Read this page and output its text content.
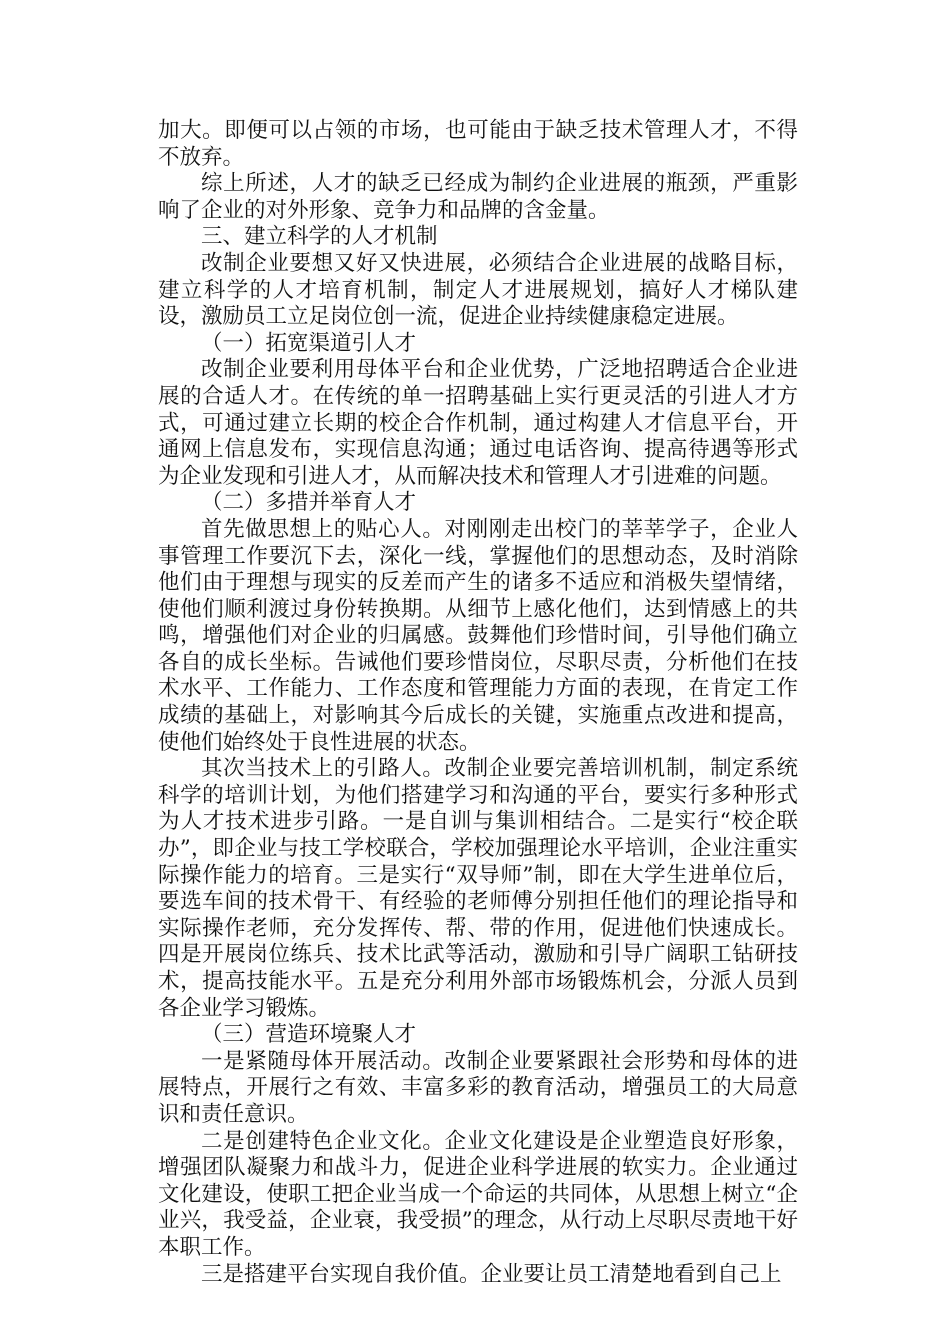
加大。即便可以占领的市场，也可能由于缺乏技术管理人才，不得不放弃。

综上所述，人才的缺乏已经成为制约企业进展的瓶颈，严重影响了企业的对外形象、竞争力和品牌的含金量。

三、建立科学的人才机制

改制企业要想又好又快进展，必须结合企业进展的战略目标，建立科学的人才培育机制，制定人才进展规划，搞好人才梯队建设，激励员工立足岗位创一流，促进企业持续健康稳定进展。

（一）拓宽渠道引人才

改制企业要利用母体平台和企业优势，广泛地招聘适合企业进展的合适人才。在传统的单一招聘基础上实行更灵活的引进人才方式，可通过建立长期的校企合作机制，通过构建人才信息平台，开通网上信息发布，实现信息沟通；通过电话咨询、提高待遇等形式为企业发现和引进人才，从而解决技术和管理人才引进难的问题。

（二）多措并举育人才

首先做思想上的贴心人。对刚刚走出校门的莘莘学子，企业人事管理工作要沉下去，深化一线，掌握他们的思想动态，及时消除他们由于理想与现实的反差而产生的诸多不适应和消极失望情绪，使他们顺利渡过身份转换期。从细节上感化他们，达到情感上的共鸣，增强他们对企业的归属感。鼓舞他们珍惜时间，引导他们确立各自的成长坐标。告诫他们要珍惜岗位，尽职尽责，分析他们在技术水平、工作能力、工作态度和管理能力方面的表现，在肯定工作成绩的基础上，对影响其今后成长的关键，实施重点改进和提高，使他们始终处于良性进展的状态。

其次当技术上的引路人。改制企业要完善培训机制，制定系统科学的培训计划，为他们搭建学习和沟通的平台，要实行多种形式为人才技术进步引路。一是自训与集训相结合。二是实行“校企联办”，即企业与技工学校联合，学校加强理论水平培训，企业注重实际操作能力的培育。三是实行“双导师”制，即在大学生进单位后，要选车间的技术骨干、有经验的老师傅分别担任他们的理论指导和实际操作老师，充分发挥传、帮、带的作用，促进他们快速成长。四是开展岗位练兵、技术比武等活动，激励和引导广阔职工钻研技术，提高技能水平。五是充分利用外部市场锻炼机会，分派人员到各企业学习锻炼。

（三）营造环境聚人才

一是紧随母体开展活动。改制企业要紧跟社会形势和母体的进展特点，开展行之有效、丰富多彩的教育活动，增强员工的大局意识和责任意识。

二是创建特色企业文化。企业文化建设是企业塑造良好形象，增强团队凝聚力和战斗力，促进企业科学进展的软实力。企业通过文化建设，使职工把企业当成一个命运的共同体，从思想上树立“企业兴，我受益，企业衰，我受损”的理念，从行动上尽职尽责地干好本职工作。

三是搭建平台实现自我价值。企业要让员工清楚地看到自己上
